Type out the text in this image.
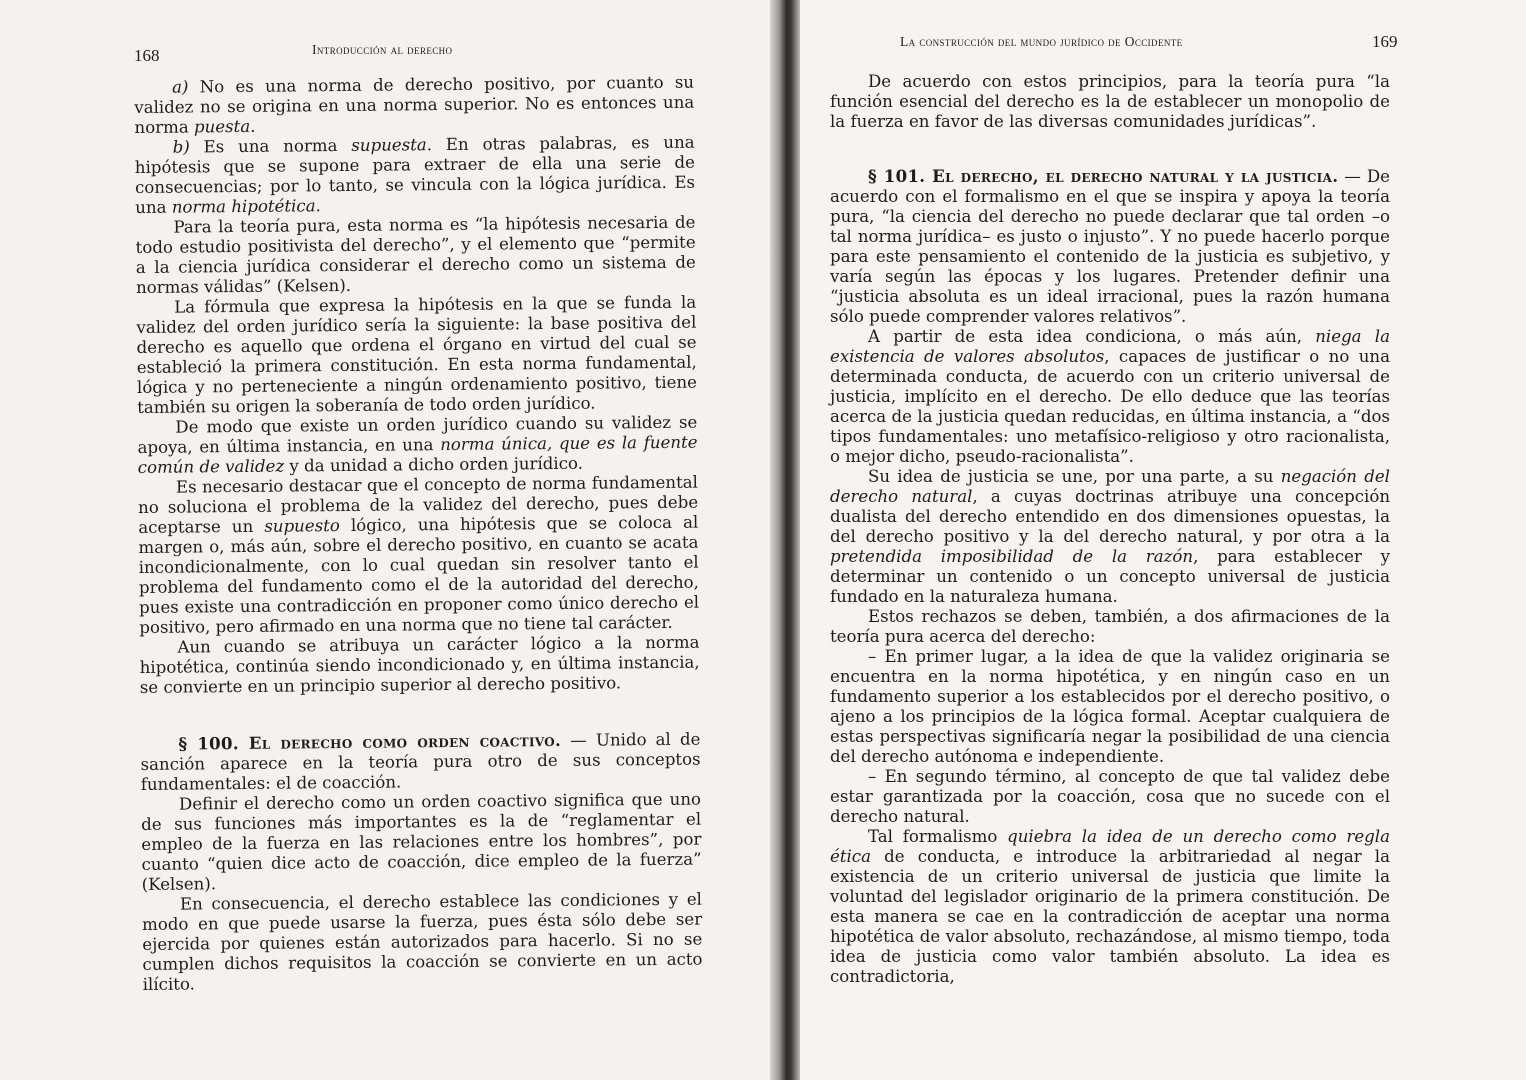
168	Introducción al derecho

a) No es una norma de derecho positivo, por cuanto su validez no se origina en una norma superior. No es entonces una norma puesta.

b) Es una norma supuesta. En otras palabras, es una hipótesis que se supone para extraer de ella una serie de consecuencias; por lo tanto, se vincula con la lógica jurídica. Es una norma hipotética.

Para la teoría pura, esta norma es “la hipótesis necesaria de todo estudio positivista del derecho”, y el elemento que “permite a la ciencia jurídica considerar el derecho como un sistema de normas válidas” (Kelsen).

La fórmula que expresa la hipótesis en la que se funda la validez del orden jurídico sería la siguiente: la base positiva del derecho es aquello que ordena el órgano en virtud del cual se estableció la primera constitución. En esta norma fundamental, lógica y no perteneciente a ningún ordenamiento positivo, tiene también su origen la soberanía de todo orden jurídico.

De modo que existe un orden jurídico cuando su validez se apoya, en última instancia, en una norma única, que es la fuente común de validez y da unidad a dicho orden jurídico.

Es necesario destacar que el concepto de norma fundamental no soluciona el problema de la validez del derecho, pues debe aceptarse un supuesto lógico, una hipótesis que se coloca al margen o, más aún, sobre el derecho positivo, en cuanto se acata incondicionalmente, con lo cual quedan sin resolver tanto el problema del fundamento como el de la autoridad del derecho, pues existe una contradicción en proponer como único derecho el positivo, pero afirmado en una norma que no tiene tal carácter.

Aun cuando se atribuya un carácter lógico a la norma hipotética, continúa siendo incondicionado y, en última instancia, se convierte en un principio superior al derecho positivo.

§ 100. El derecho como orden coactivo. — Unido al de sanción aparece en la teoría pura otro de sus conceptos fundamentales: el de coacción.

Definir el derecho como un orden coactivo significa que uno de sus funciones más importantes es la de “reglamentar el empleo de la fuerza en las relaciones entre los hombres”, por cuanto “quien dice acto de coacción, dice empleo de la fuerza” (Kelsen).

En consecuencia, el derecho establece las condiciones y el modo en que puede usarse la fuerza, pues ésta sólo debe ser ejercida por quienes están autorizados para hacerlo. Si no se cumplen dichos requisitos la coacción se convierte en un acto ilícito.

La construcción del mundo jurídico de Occidente	169

De acuerdo con estos principios, para la teoría pura “la función esencial del derecho es la de establecer un monopolio de la fuerza en favor de las diversas comunidades jurídicas”.

§ 101. El derecho, el derecho natural y la justicia. — De acuerdo con el formalismo en el que se inspira y apoya la teoría pura, “la ciencia del derecho no puede declarar que tal orden –o tal norma jurídica– es justo o injusto”. Y no puede hacerlo porque para este pensamiento el contenido de la justicia es subjetivo, y varía según las épocas y los lugares. Pretender definir una “justicia absoluta es un ideal irracional, pues la razón humana sólo puede comprender valores relativos”.

A partir de esta idea condiciona, o más aún, niega la existencia de valores absolutos, capaces de justificar o no una determinada conducta, de acuerdo con un criterio universal de justicia, implícito en el derecho. De ello deduce que las teorías acerca de la justicia quedan reducidas, en última instancia, a “dos tipos fundamentales: uno metafísico-religioso y otro racionalista, o mejor dicho, pseudo-racionalista”.

Su idea de justicia se une, por una parte, a su negación del derecho natural, a cuyas doctrinas atribuye una concepción dualista del derecho entendido en dos dimensiones opuestas, la del derecho positivo y la del derecho natural, y por otra a la pretendida imposibilidad de la razón, para establecer y determinar un contenido o un concepto universal de justicia fundado en la naturaleza humana.

Estos rechazos se deben, también, a dos afirmaciones de la teoría pura acerca del derecho:

– En primer lugar, a la idea de que la validez originaria se encuentra en la norma hipotética, y en ningún caso en un fundamento superior a los establecidos por el derecho positivo, o ajeno a los principios de la lógica formal. Aceptar cualquiera de estas perspectivas significaría negar la posibilidad de una ciencia del derecho autónoma e independiente.

– En segundo término, al concepto de que tal validez debe estar garantizada por la coacción, cosa que no sucede con el derecho natural.

Tal formalismo quiebra la idea de un derecho como regla ética de conducta, e introduce la arbitrariedad al negar la existencia de un criterio universal de justicia que limite la voluntad del legislador originario de la primera constitución. De esta manera se cae en la contradicción de aceptar una norma hipotética de valor absoluto, rechazándose, al mismo tiempo, toda idea de justicia como valor también absoluto. La idea es contradictoria,
